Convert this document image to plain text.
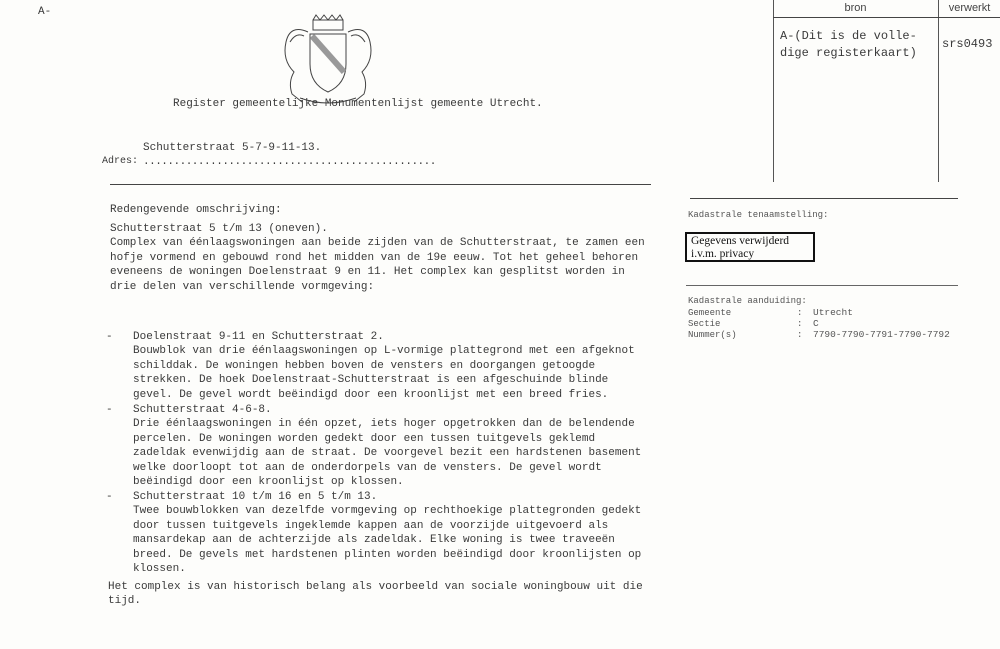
A-
Register gemeentelijke Monumentenlijst gemeente Utrecht.
Adres:
Schutterstraat 5-7-9-11-13.
................................................
bron	verwerkt
A-(Dit is de volle-
dige registerkaart)
srs0493
Redengevende omschrijving:
Schutterstraat 5 t/m 13 (oneven).
Complex van éénlaagswoningen aan beide zijden van de Schutterstraat, te zamen een
hofje vormend en gebouwd rond het midden van de 19e eeuw. Tot het geheel behoren
eveneens de woningen Doelenstraat 9 en 11. Het complex kan gesplitst worden in
drie delen van verschillende vormgeving:
- Doelenstraat 9-11 en Schutterstraat 2.
Bouwblok van drie éénlaagswoningen op L-vormige plattegrond met een afgeknot
schilddak. De woningen hebben boven de vensters en doorgangen getoogde
strekken. De hoek Doelenstraat-Schutterstraat is een afgeschuinde blinde
gevel. De gevel wordt beëindigd door een kroonlijst met een breed fries.
- Schutterstraat 4-6-8.
Drie éénlaagswoningen in één opzet, iets hoger opgetrokken dan de belendende
percelen. De woningen worden gedekt door een tussen tuitgevels geklemd
zadeldak evenwijdig aan de straat. De voorgevel bezit een hardstenen basement
welke doorloopt tot aan de onderdorpels van de vensters. De gevel wordt
beëindigd door een kroonlijst op klossen.
- Schutterstraat 10 t/m 16 en 5 t/m 13.
Twee bouwblokken van dezelfde vormgeving op rechthoekige plattegronden gedekt
door tussen tuitgevels ingeklemde kappen aan de voorzijde uitgevoerd als
mansardekap aan de achterzijde als zadeldak. Elke woning is twee traveeën
breed. De gevels met hardstenen plinten worden beëindigd door kroonlijsten op
klossen.
Het complex is van historisch belang als voorbeeld van sociale woningbouw uit die
tijd.
Kadastrale tenaamstelling:
Gegevens verwijderd i.v.m. privacy
Kadastrale aanduiding:
Gemeente
Sectie
Nummer(s)
:
:
:
Utrecht
C
7790-7790-7791-7790-7792
